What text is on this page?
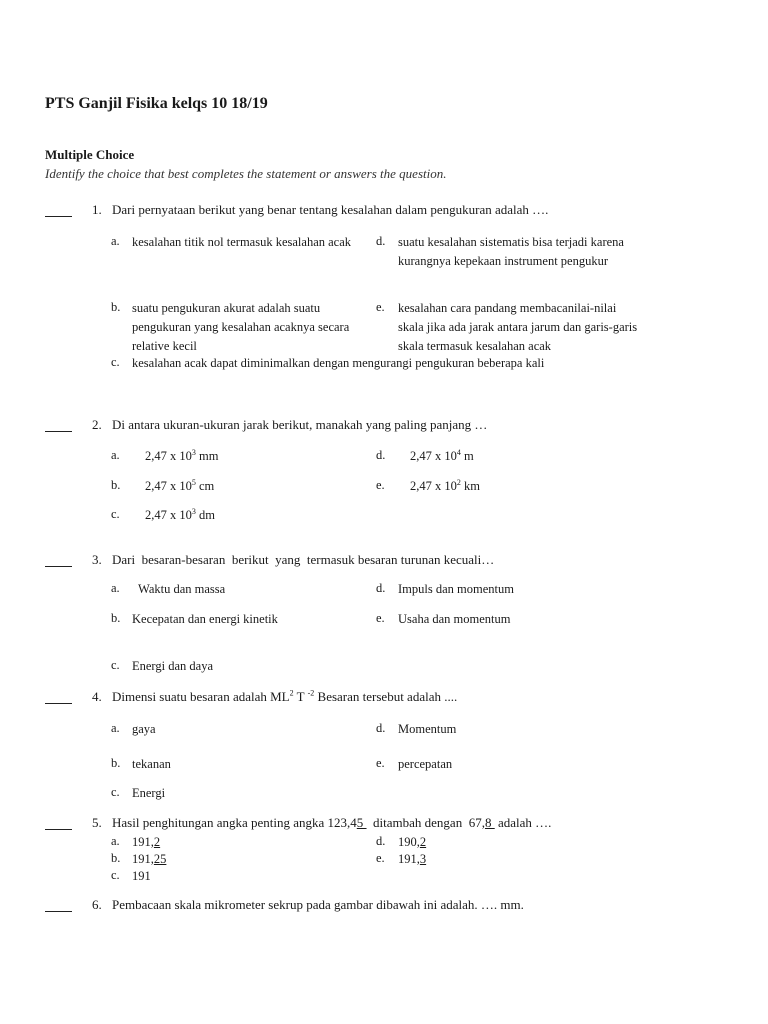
PTS Ganjil Fisika kelqs 10 18/19
Multiple Choice
Identify the choice that best completes the statement or answers the question.
1. Dari pernyataan berikut yang benar tentang kesalahan dalam pengukuran adalah ….
a. kesalahan titik nol termasuk kesalahan acak	d. suatu kesalahan sistematis bisa terjadi karena kurangnya kepekaan instrument pengukur
b. suatu pengukuran akurat adalah suatu pengukuran yang kesalahan acaknya secara relative kecil
e. kesalahan cara pandang membacanilai-nilai skala jika ada jarak antara jarum dan garis-garis skala termasuk kesalahan acak
c. kesalahan acak dapat diminimalkan dengan mengurangi pengukuran beberapa kali
2. Di antara ukuran-ukuran jarak berikut, manakah yang paling panjang …
a. 2,47 x $10^3$ mm	d. 2,47 x $10^4$ m
b. 2,47 x $10^5$ cm	e. 2,47 x $10^2$ km
c. 2,47 x $10^3$ dm
3. Dari  besaran-besaran  berikut  yang  termasuk besaran turunan kecuali…
a. Waktu dan massa	d. Impuls dan momentum
b. Kecepatan dan energi kinetik	e. Usaha dan momentum
c. Energi dan daya
4. Dimensi suatu besaran adalah $ML^2$ T $^{-2}$ Besaran tersebut adalah ....
a. gaya	d. Momentum
b. tekanan	e. percepatan
c. Energi
5. Hasil penghitungan angka penting angka 123,45   ditambah dengan  67,8  adalah ….
a. 191,2	d. 190,2
b. 191,25	e. 191,3
c. 191
6. Pembacaan skala mikrometer sekrup pada gambar dibawah ini adalah. …. mm.
